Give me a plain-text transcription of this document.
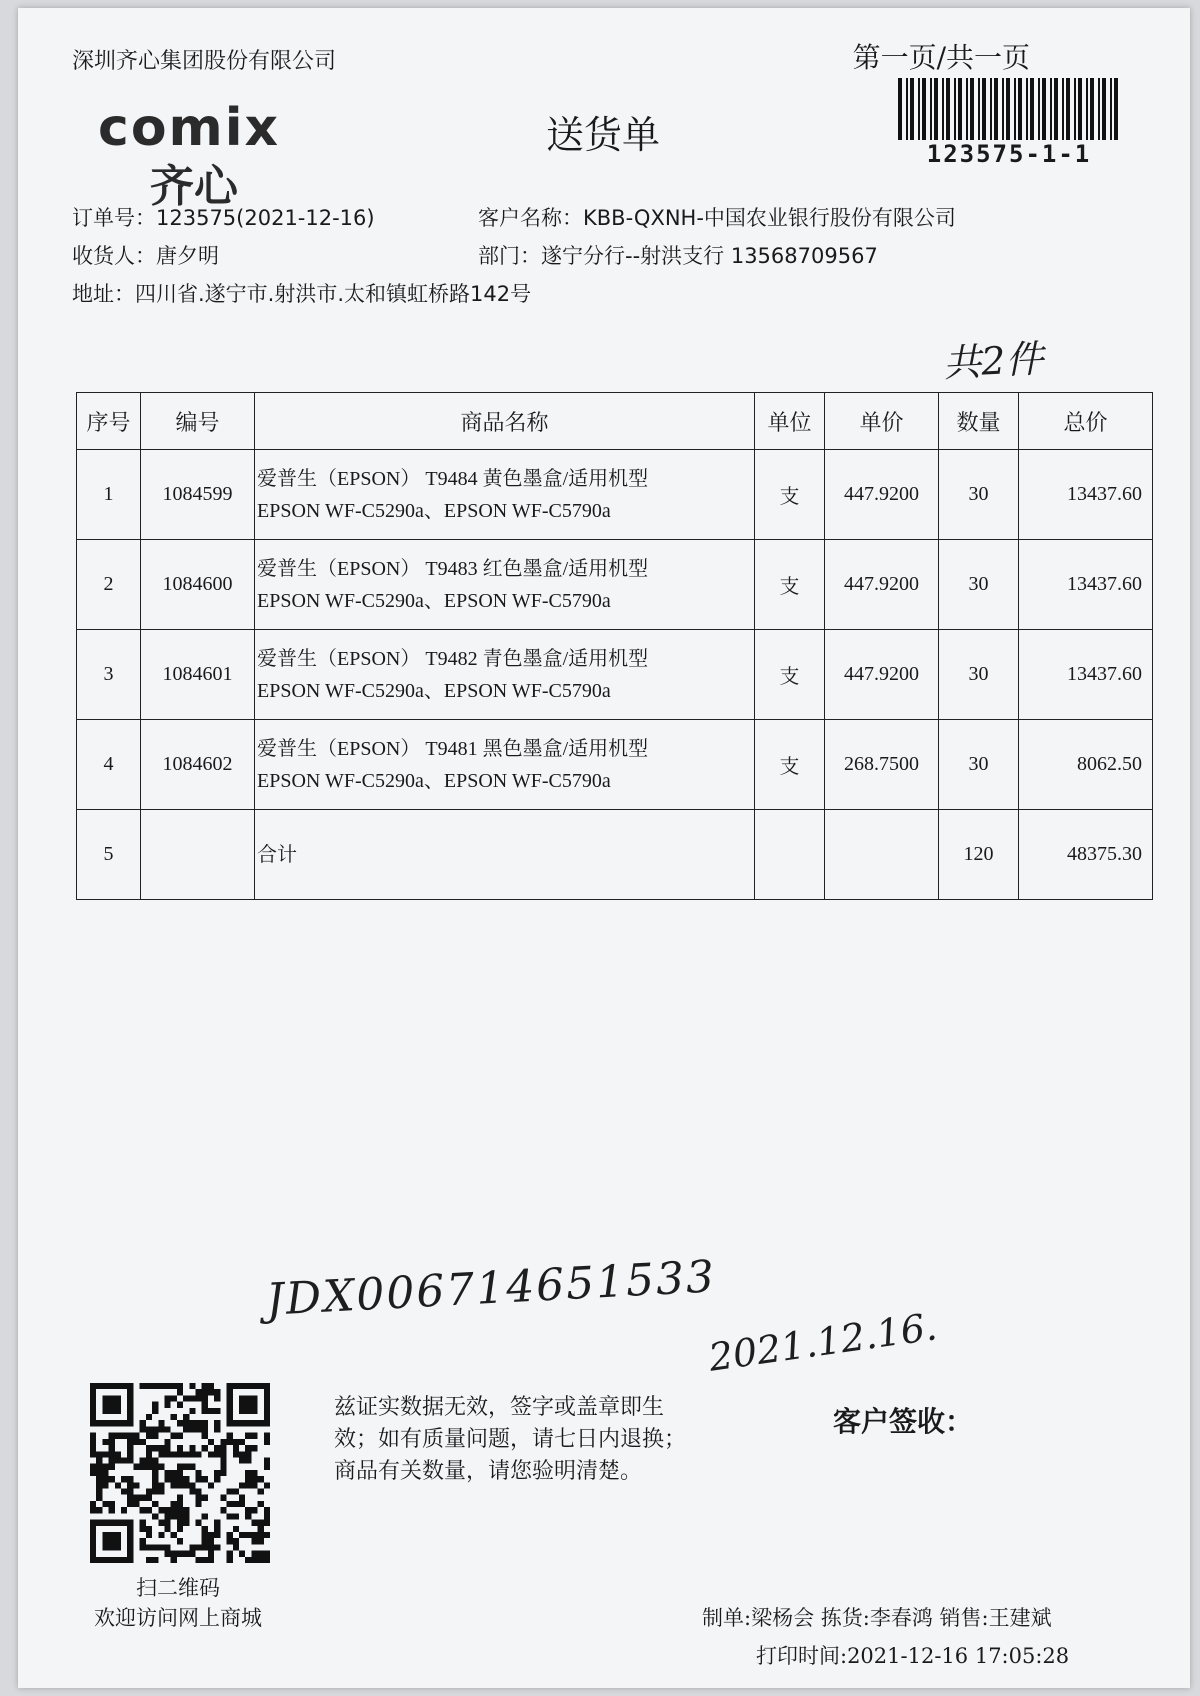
深圳齐心集团股份有限公司	第一页/共一页
comix
齐心
送货单	123575-1-1
订单号：123575(2021-12-16)	客户名称：KBB-QXNH-中国农业银行股份有限公司
收货人：唐夕明	部门：遂宁分行--射洪支行 13568709567
地址：四川省.遂宁市.射洪市.太和镇虹桥路142号
共2件
序号	编号	商品名称	单位	单价	数量	总价
1	1084599	爱普生（EPSON） T9484 黄色墨盒/适用机型
EPSON WF-C5290a、EPSON WF-C5790a	支	447.9200	30	13437.60
2	1084600	爱普生（EPSON） T9483 红色墨盒/适用机型
EPSON WF-C5290a、EPSON WF-C5790a	支	447.9200	30	13437.60
3	1084601	爱普生（EPSON） T9482 青色墨盒/适用机型
EPSON WF-C5290a、EPSON WF-C5790a	支	447.9200	30	13437.60
4	1084602	爱普生（EPSON） T9481 黑色墨盒/适用机型
EPSON WF-C5290a、EPSON WF-C5790a	支	268.7500	30	8062.50
5		合计			120	48375.30
JDX006714651533
2021.12.16.
扫二维码
欢迎访问网上商城
兹证实数据无效，签字或盖章即生
效；如有质量问题，请七日内退换；
商品有关数量，请您验明清楚。
客户签收：
制单:梁杨会 拣货:李春鸿 销售:王建斌
打印时间:2021-12-16 17:05:28
